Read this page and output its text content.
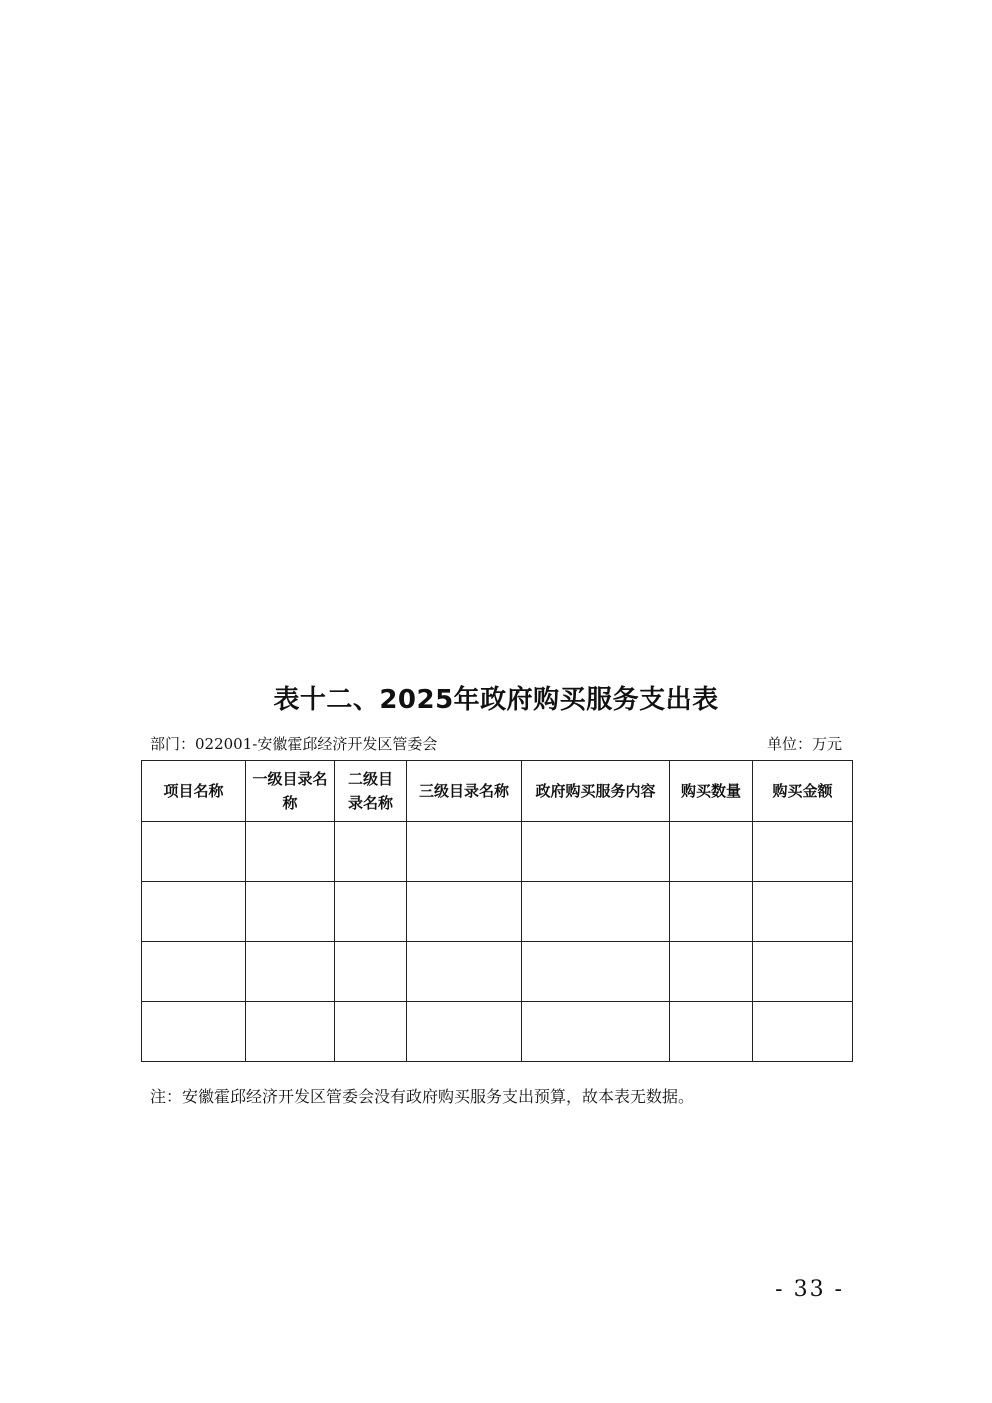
表十二、2025年政府购买服务支出表
部门：022001-安徽霍邱经济开发区管委会	单位：万元
项目名称	一级目录名称	二级目录名称	三级目录名称	政府购买服务内容	购买数量	购买金额

注：安徽霍邱经济开发区管委会没有政府购买服务支出预算，故本表无数据。
- 33 -
